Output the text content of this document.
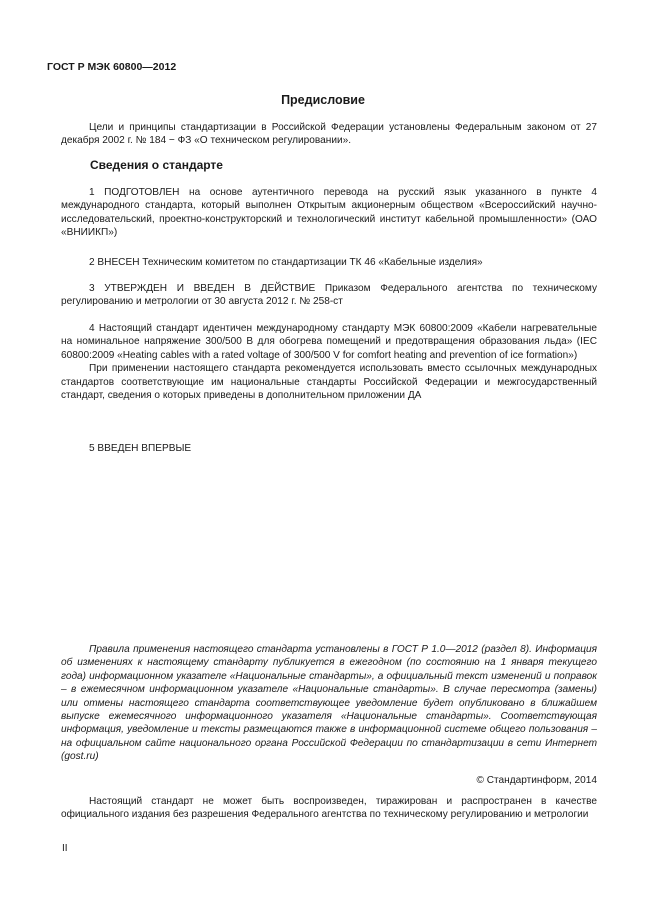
ГОСТ Р МЭК 60800—2012
Предисловие

Цели и принципы стандартизации в Российской Федерации установлены Федеральным законом от 27 декабря 2002 г. № 184 − ФЗ «О техническом регулировании».

Сведения о стандарте

1 ПОДГОТОВЛЕН на основе аутентичного перевода на русский язык указанного в пункте 4 международного стандарта, который выполнен Открытым акционерным обществом «Всероссийский научно-исследовательский, проектно-конструкторский и технологический институт кабельной промышленности» (ОАО «ВНИИКП»)

2 ВНЕСЕН Техническим комитетом по стандартизации ТК 46 «Кабельные изделия»

3 УТВЕРЖДЕН И ВВЕДЕН В ДЕЙСТВИЕ Приказом Федерального агентства по техническому регулированию и метрологии от 30 августа 2012 г. № 258-ст

4 Настоящий стандарт идентичен международному стандарту МЭК 60800:2009 «Кабели нагревательные на номинальное напряжение 300/500 В для обогрева помещений и предотвращения образования льда» (IEC 60800:2009 «Heating cables with a rated voltage of 300/500 V for comfort heating and prevention of ice formation»)

При применении настоящего стандарта рекомендуется использовать вместо ссылочных международных стандартов соответствующие им национальные стандарты Российской Федерации и межгосударственный стандарт, сведения о которых приведены в дополнительном приложении ДА

5 ВВЕДЕН ВПЕРВЫЕ

Правила применения настоящего стандарта установлены в ГОСТ Р 1.0—2012 (раздел 8). Информация об изменениях к настоящему стандарту публикуется в ежегодном (по состоянию на 1 января текущего года) информационном указателе «Национальные стандарты», а официальный текст изменений и поправок – в ежемесячном информационном указателе «Национальные стандарты». В случае пересмотра (замены) или отмены настоящего стандарта соответствующее уведомление будет опубликовано в ближайшем выпуске ежемесячного информационного указателя «Национальные стандарты». Соответствующая информация, уведомление и тексты размещаются также в информационной системе общего пользования – на официальном сайте национального органа Российской Федерации по стандартизации в сети Интернет (gost.ru)

© Стандартинформ, 2014

Настоящий стандарт не может быть воспроизведен, тиражирован и распространен в качестве официального издания без разрешения Федерального агентства по техническому регулированию и метрологии

II
